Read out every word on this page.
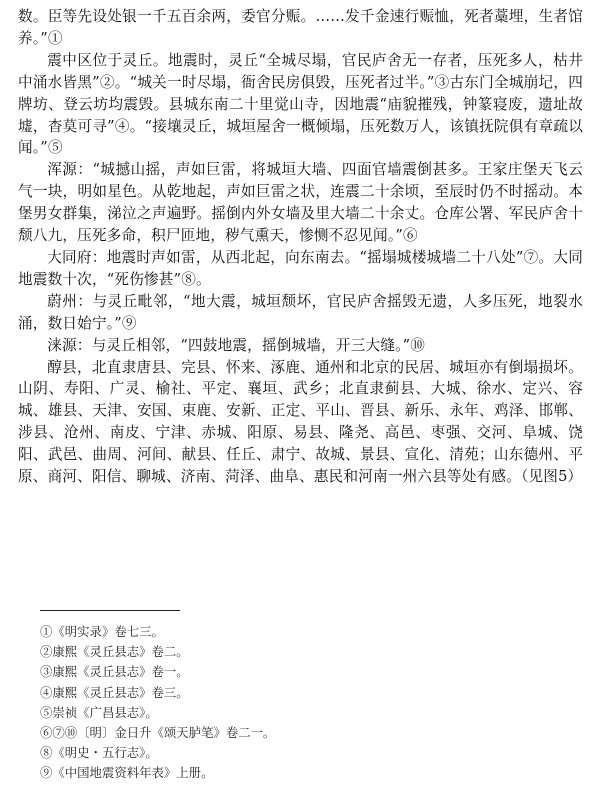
数。臣等先设处银一千五百余两，委官分赈。……发千金速行赈恤，死者藁埋，生者馆养。”①

震中区位于灵丘。地震时，灵丘“全城尽塌，官民庐舍无一存者，压死多人，枯井中涌水皆黑”②。“城关一时尽塌，衙舍民房俱毁，压死者过半。”③古东门全城崩圮，四牌坊、登云坊均震毁。县城东南二十里觉山寺，因地震“庙貌摧残，钟篆寝废，遗址故墟，杳莫可寻”④。“接壤灵丘，城垣屋舍一概倾塌，压死数万人，该镇抚院俱有章疏以闻。”⑤

浑源：“城撼山摇，声如巨雷，将城垣大墙、四面官墙震倒甚多。王家庄堡天飞云气一块，明如星色。从乾地起，声如巨雷之状，连震二十余顷，至辰时仍不时摇动。本堡男女群集，涕泣之声遍野。摇倒内外女墙及里大墙二十余丈。仓库公署、军民庐舍十颓八九，压死多命，积尸匝地，秽气熏天，惨恻不忍见闻。”⑥

大同府：地震时声如雷，从西北起，向东南去。“摇塌城楼城墙二十八处”⑦。大同地震数十次，“死伤惨甚”⑧。

蔚州：与灵丘毗邻，“地大震，城垣颓坏，官民庐舍摇毁无遗，人多压死，地裂水涌，数日始宁。”⑨

涞源：与灵丘相邻，“四鼓地震，摇倒城墙，开三大缝。”⑩

醇县，北直隶唐县、完县、怀来、涿鹿、通州和北京的民居、城垣亦有倒塌损坏。山阴、寿阳、广灵、榆社、平定、襄垣、武乡；北直隶蓟县、大城、徐水、定兴、容城、雄县、天津、安国、束鹿、安新、正定、平山、晋县、新乐、永年、鸡泽、邯郸、涉县、沧州、南皮、宁津、赤城、阳原、易县、隆尧、高邑、枣强、交河、阜城、饶阳、武邑、曲周、河间、献县、任丘、肃宁、故城、景县、宣化、清苑；山东德州、平原、商河、阳信、聊城、济南、菏泽、曲阜、惠民和河南一州六县等处有感。（见图5）

①《明实录》卷七三。
②康熙《灵丘县志》卷二。
③康熙《灵丘县志》卷一。
④康熙《灵丘县志》卷三。
⑤崇祯《广昌县志》。
⑥⑦⑩〔明〕金日升《颂天胪笔》卷二一。
⑧《明史・五行志》。
⑨《中国地震资料年表》上册。
